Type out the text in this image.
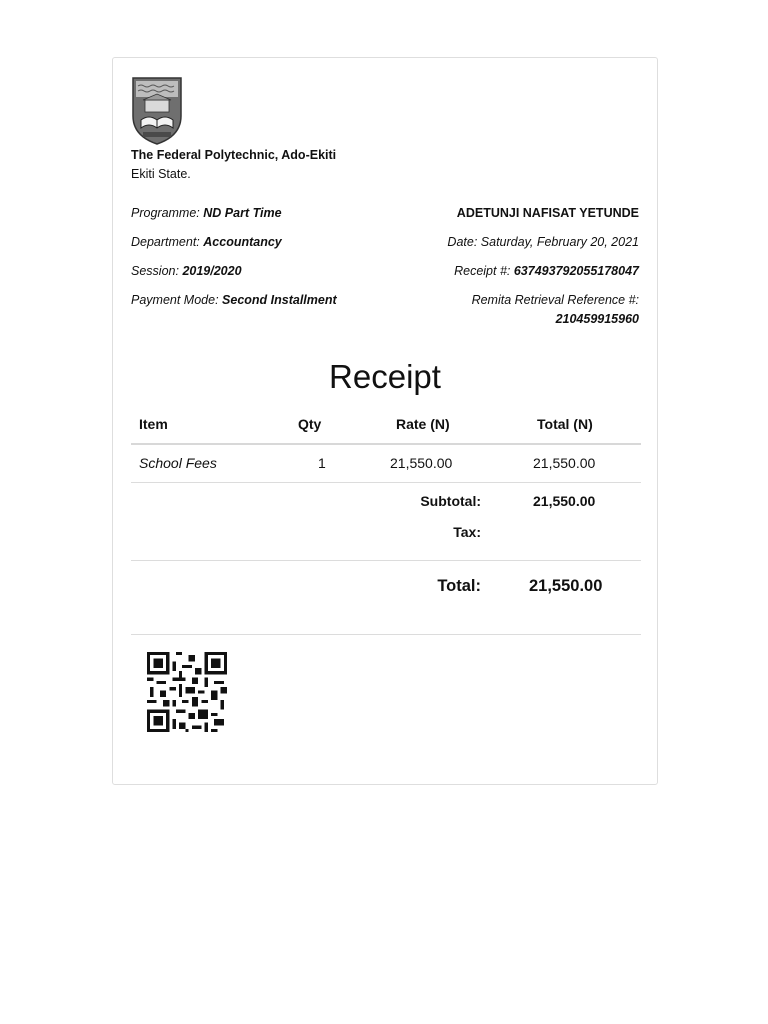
The Federal Polytechnic, Ado-Ekiti
Ekiti State.
Programme: ND Part Time
Department: Accountancy
Session: 2019/2020
Payment Mode: Second Installment
ADETUNJI NAFISAT YETUNDE
Date: Saturday, February 20, 2021
Receipt #: 637493792055178047
Remita Retrieval Reference #:
210459915960
Receipt
Item	Qty	Rate (N)	Total (N)
School Fees	1	21,550.00	21,550.00
Subtotal:	21,550.00
Tax:
Total:	21,550.00
